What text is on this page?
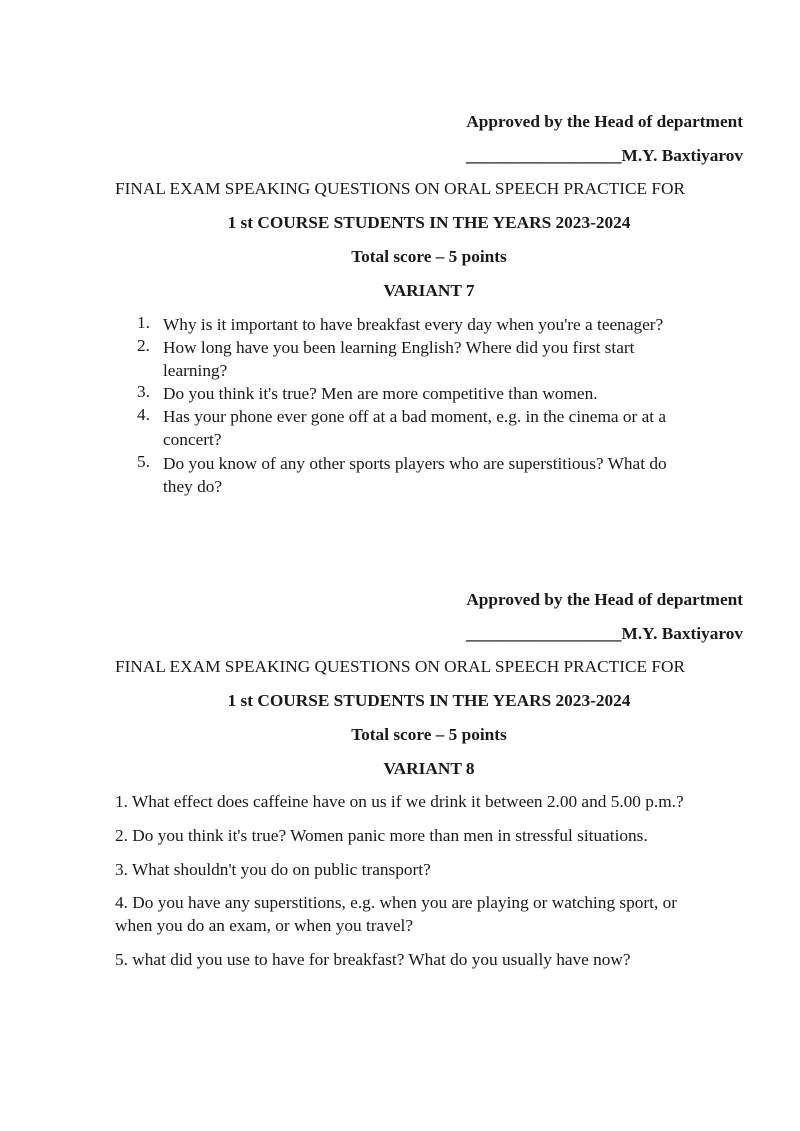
Approved by the Head of department

__________________M.Y. Baxtiyarov

FINAL EXAM SPEAKING QUESTIONS ON ORAL SPEECH PRACTICE FOR

1 st COURSE STUDENTS IN THE YEARS 2023-2024

Total score – 5 points

VARIANT 7

1. Why is it important to have breakfast every day when you're a teenager?
2. How long have you been learning English? Where did you first start
learning?
3. Do you think it's true? Men are more competitive than women.
4. Has your phone ever gone off at a bad moment, e.g. in the cinema or at a
concert?
5. Do you know of any other sports players who are superstitious? What do
they do?

Approved by the Head of department

__________________M.Y. Baxtiyarov

FINAL EXAM SPEAKING QUESTIONS ON ORAL SPEECH PRACTICE FOR

1 st COURSE STUDENTS IN THE YEARS 2023-2024

Total score – 5 points

VARIANT 8

1. What effect does caffeine have on us if we drink it between 2.00 and 5.00 p.m.?

2. Do you think it's true? Women panic more than men in stressful situations.

3. What shouldn't you do on public transport?

4. Do you have any superstitions, e.g. when you are playing or watching sport, or

when you do an exam, or when you travel?

5. what did you use to have for breakfast? What do you usually have now?
